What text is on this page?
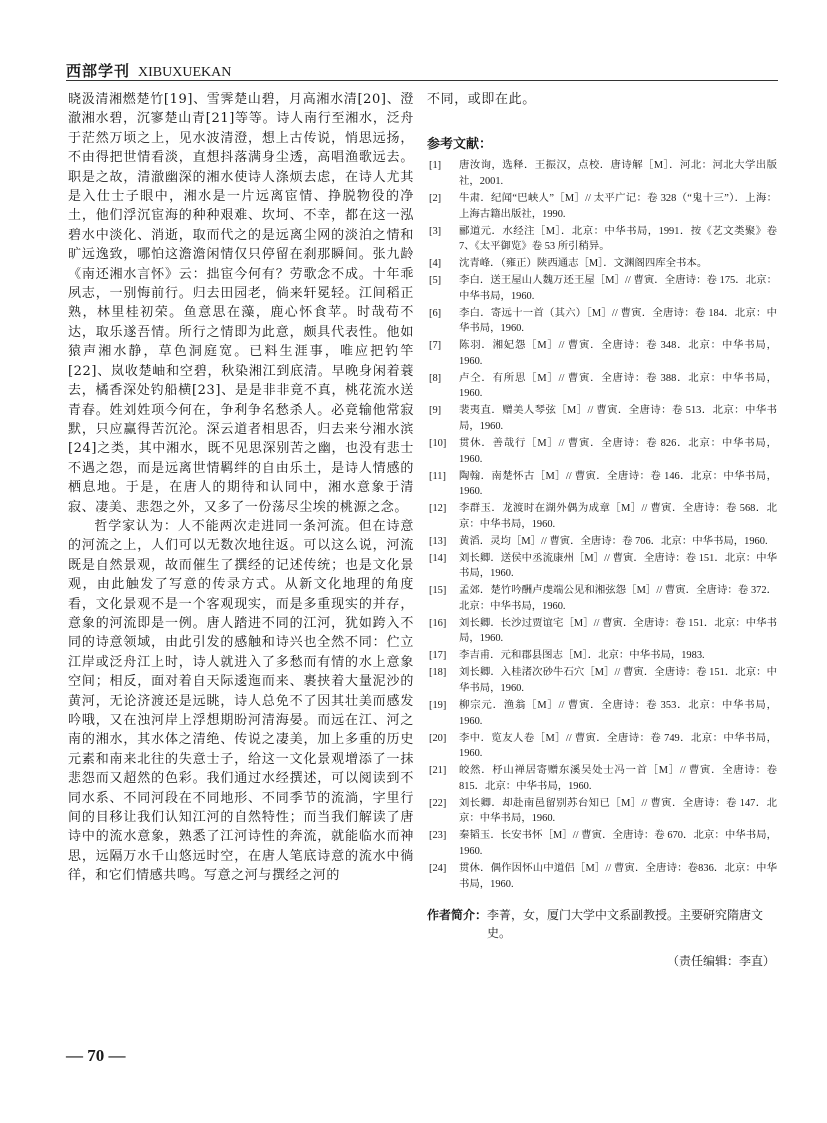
西部学刊 XIBUXUEKAN

晓汲清湘燃楚竹[19]、雪霁楚山碧，月高湘水清[20]、澄澈湘水碧，沉寥楚山青[21]等等。诗人南行至湘水，泛舟于茫然万顷之上，见水波清澄，想上古传说，悄思远扬，不由得把世情看淡，直想抖落满身尘透，高唱渔歌远去。职是之故，清澈幽深的湘水使诗人涤烦去虑，在诗人尤其是入仕士子眼中，湘水是一片远离宦情、挣脱物役的净土，他们浮沉宦海的种种艰难、坎坷、不幸，都在这一泓碧水中淡化、消逝，取而代之的是远离尘网的淡泊之情和旷远逸致，哪怕这澹澹闲情仅只停留在刹那瞬间。张九龄《南还湘水言怀》云：拙宦今何有？劳歌念不成。十年乖夙志，一别悔前行。归去田园老，倘来轩冕轻。江间稻正熟，林里桂初荣。鱼意思在藻，鹿心怀食苹。时哉苟不达，取乐遂吾情。所行之情即为此意，颇具代表性。他如猿声湘水静，草色洞庭宽。已料生涯事，唯应把钓竿[22]、岚收楚岫和空碧，秋染湘江到底清。早晚身闲着蓑去，橘香深处钓船横[23]、是是非非竟不真，桃花流水送青春。姓刘姓项今何在，争利争名愁杀人。必竟输他常寂默，只应赢得苦沉沦。深云道者相思否，归去来兮湘水滨[24]之类，其中湘水，既不见思深别苦之幽，也没有悲士不遇之怨，而是远离世情羁绊的自由乐土，是诗人情感的栖息地。于是，在唐人的期待和认同中，湘水意象于清寂、凄美、悲怨之外，又多了一份荡尽尘埃的桃源之念。

哲学家认为：人不能两次走进同一条河流。但在诗意的河流之上，人们可以无数次地往返。可以这么说，河流既是自然景观，故而催生了撰经的记述传统；也是文化景观，由此触发了写意的传录方式。从新文化地理的角度看，文化景观不是一个客观现实，而是多重现实的并存，意象的河流即是一例。唐人踏进不同的江河，犹如跨入不同的诗意领域，由此引发的感触和诗兴也全然不同：伫立江岸或泛舟江上时，诗人就进入了多愁而有情的水上意象空间；相反，面对着自天际逶迤而来、裹挟着大量泥沙的黄河，无论济渡还是远眺，诗人总免不了因其壮美而感发吟哦，又在浊河岸上浮想期盼河清海晏。而远在江、河之南的湘水，其水体之清绝、传说之凄美，加上多重的历史元素和南来北往的失意士子，给这一文化景观增添了一抹悲怨而又超然的色彩。我们通过水经撰述，可以阅读到不同水系、不同河段在不同地形、不同季节的流淌，字里行间的目移让我们认知江河的自然特性；而当我们解读了唐诗中的流水意象，熟悉了江河诗性的奔流，就能临水而神思，远隔万水千山悠远时空，在唐人笔底诗意的流水中徜徉，和它们情感共鸣。写意之河与撰经之河的

不同，或即在此。

参考文献：
[1]	唐汝询，选释．王振汉，点校．唐诗解［M］．河北：河北大学出版社，2001.
[2]	牛肃．纪闻“巴峡人”［M］// 太平广记：卷 328（“鬼十三”）．上海：上海古籍出版社，1990.
[3]	郦道元．水经注［M］．北京：中华书局，1991．按《艺文类聚》卷 7、《太平御览》卷 53 所引稍异。
[4]	沈青峰．（雍正）陕西通志［M］．文渊阁四库全书本。
[5]	李白．送王屋山人魏万还王屋［M］// 曹寅．全唐诗：卷 175．北京：中华书局，1960.
[6]	李白．寄远十一首（其六）［M］// 曹寅．全唐诗：卷 184．北京：中华书局，1960.
[7]	陈羽．湘妃怨［M］// 曹寅．全唐诗：卷 348．北京：中华书局，1960.
[8]	卢仝．有所思［M］// 曹寅．全唐诗：卷 388．北京：中华书局，1960.
[9]	裴夷直．赠美人琴弦［M］// 曹寅．全唐诗：卷 513．北京：中华书局，1960.
[10]	贯休．善哉行［M］// 曹寅．全唐诗：卷 826．北京：中华书局，1960.
[11]	陶翰．南楚怀古［M］// 曹寅．全唐诗：卷 146．北京：中华书局，1960.
[12]	李群玉．龙渡时在湖外偶为成章［M］// 曹寅．全唐诗：卷 568．北京：中华书局，1960.
[13]	黄滔．灵均［M］// 曹寅．全唐诗：卷 706．北京：中华书局，1960.
[14]	刘长卿．送侯中丞流康州［M］// 曹寅．全唐诗：卷 151．北京：中华书局，1960.
[15]	孟郊．楚竹吟酬卢虔端公见和湘弦怨［M］// 曹寅．全唐诗：卷 372．北京：中华书局，1960.
[16]	刘长卿．长沙过贾谊宅［M］// 曹寅．全唐诗：卷 151．北京：中华书局，1960.
[17]	李吉甫．元和郡县图志［M］．北京：中华书局，1983.
[18]	刘长卿．入桂渚次砂牛石穴［M］// 曹寅．全唐诗：卷 151．北京：中华书局，1960.
[19]	柳宗元．渔翁［M］// 曹寅．全唐诗：卷 353．北京：中华书局，1960.
[20]	李中．览友人卷［M］// 曹寅．全唐诗：卷 749．北京：中华书局，1960.
[21]	皎然．杼山禅居寄赠东溪吴处士冯一首［M］// 曹寅．全唐诗：卷 815．北京：中华书局，1960.
[22]	刘长卿．却赴南邑留别苏台知已［M］// 曹寅．全唐诗：卷 147．北京：中华书局，1960.
[23]	秦韬玉．长安书怀［M］// 曹寅．全唐诗：卷 670．北京：中华书局，1960.
[24]	贯休．偶作因怀山中道侣［M］// 曹寅．全唐诗：卷836．北京：中华书局，1960.
作者简介： 李菁，女，厦门大学中文系副教授。主要研究隋唐文史。
（责任编辑：李直）
— 70 —
